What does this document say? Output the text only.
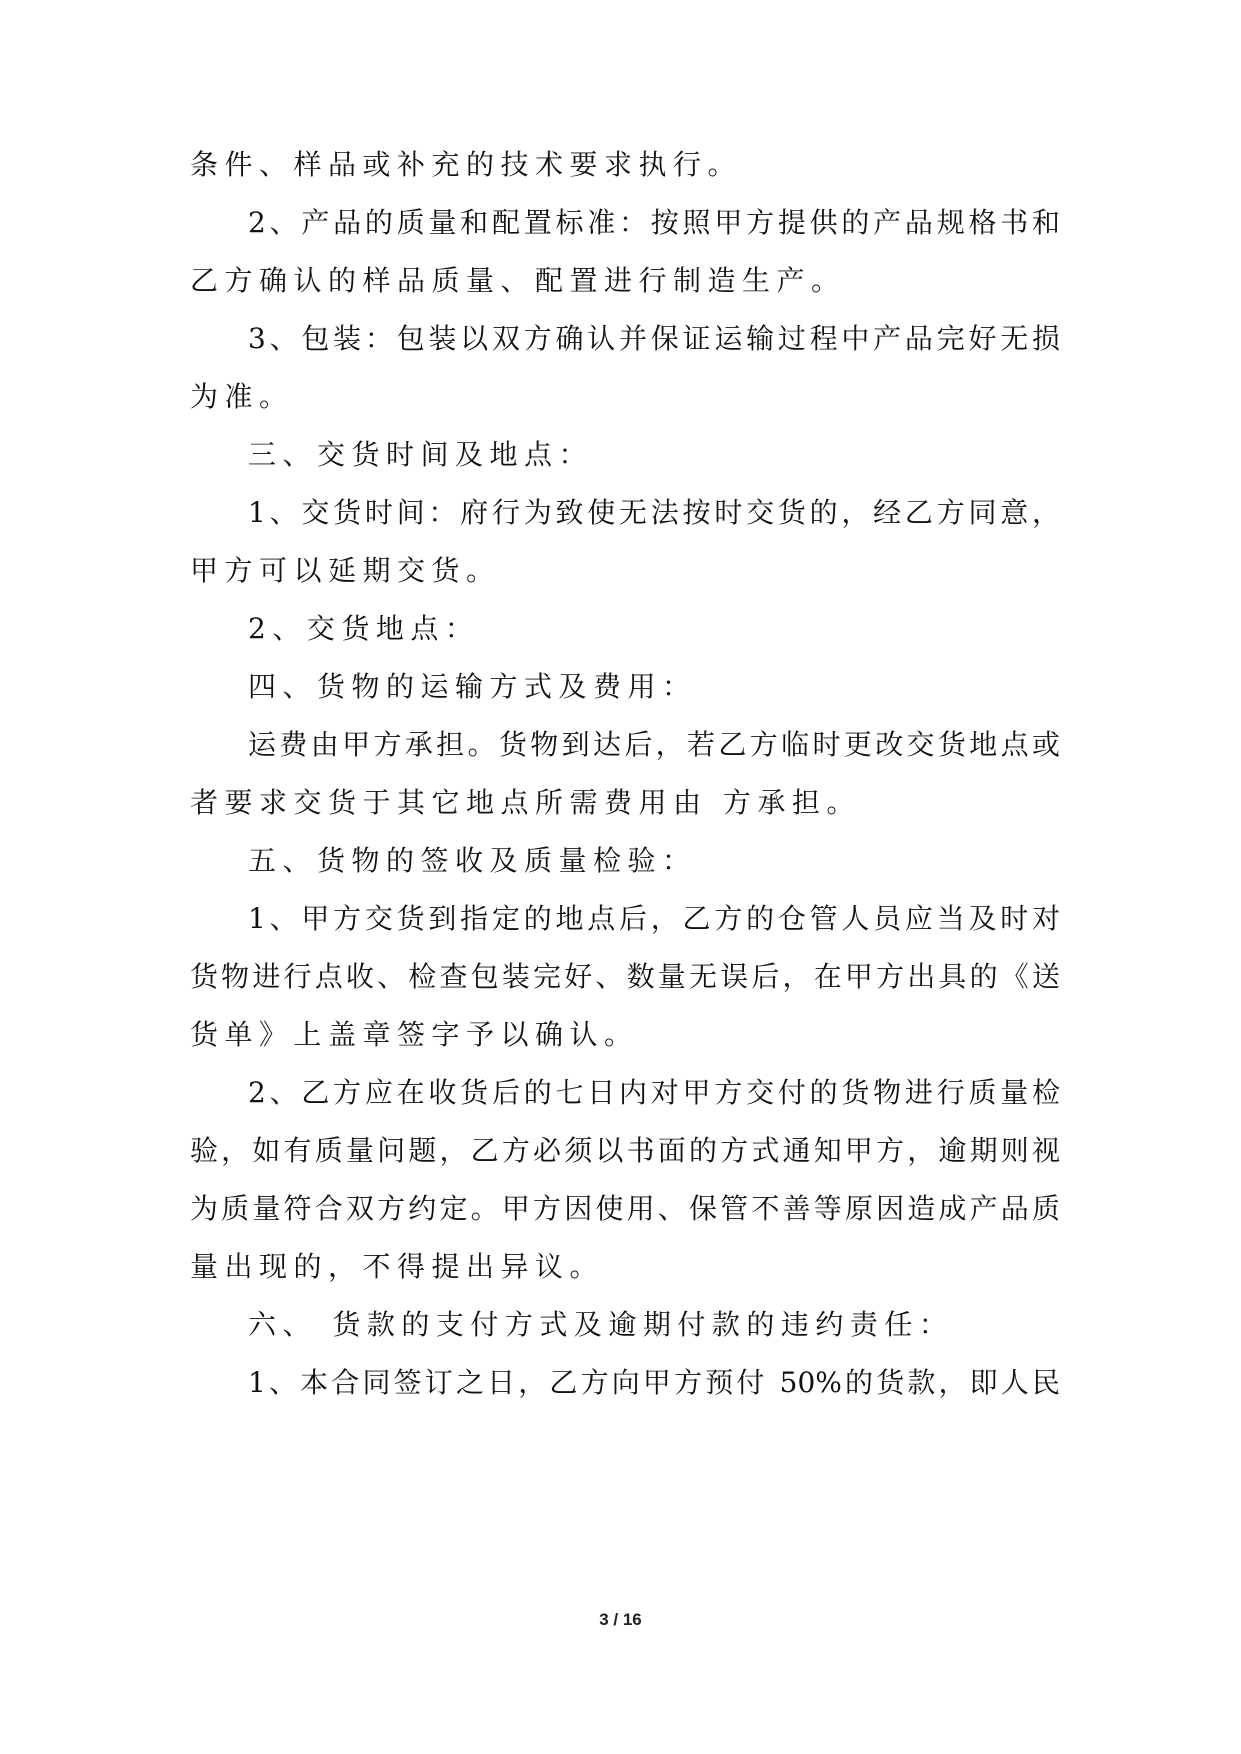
条件、样品或补充的技术要求执行。
2、产品的质量和配置标准：按照甲方提供的产品规格书和
乙方确认的样品质量、配置进行制造生产。
3、包装：包装以双方确认并保证运输过程中产品完好无损
为准。
三、交货时间及地点：
1、交货时间：府行为致使无法按时交货的，经乙方同意，
甲方可以延期交货。
2、交货地点：
四、货物的运输方式及费用：
运费由甲方承担。货物到达后，若乙方临时更改交货地点或
者要求交货于其它地点所需费用由 方承担。
五、货物的签收及质量检验：
1、甲方交货到指定的地点后，乙方的仓管人员应当及时对
货物进行点收、检查包装完好、数量无误后，在甲方出具的《送
货单》上盖章签字予以确认。
2、乙方应在收货后的七日内对甲方交付的货物进行质量检
验，如有质量问题，乙方必须以书面的方式通知甲方，逾期则视
为质量符合双方约定。甲方因使用、保管不善等原因造成产品质
量出现的，不得提出异议。
六、 货款的支付方式及逾期付款的违约责任：
1、本合同签订之日，乙方向甲方预付 50%的货款，即人民
3 / 16
